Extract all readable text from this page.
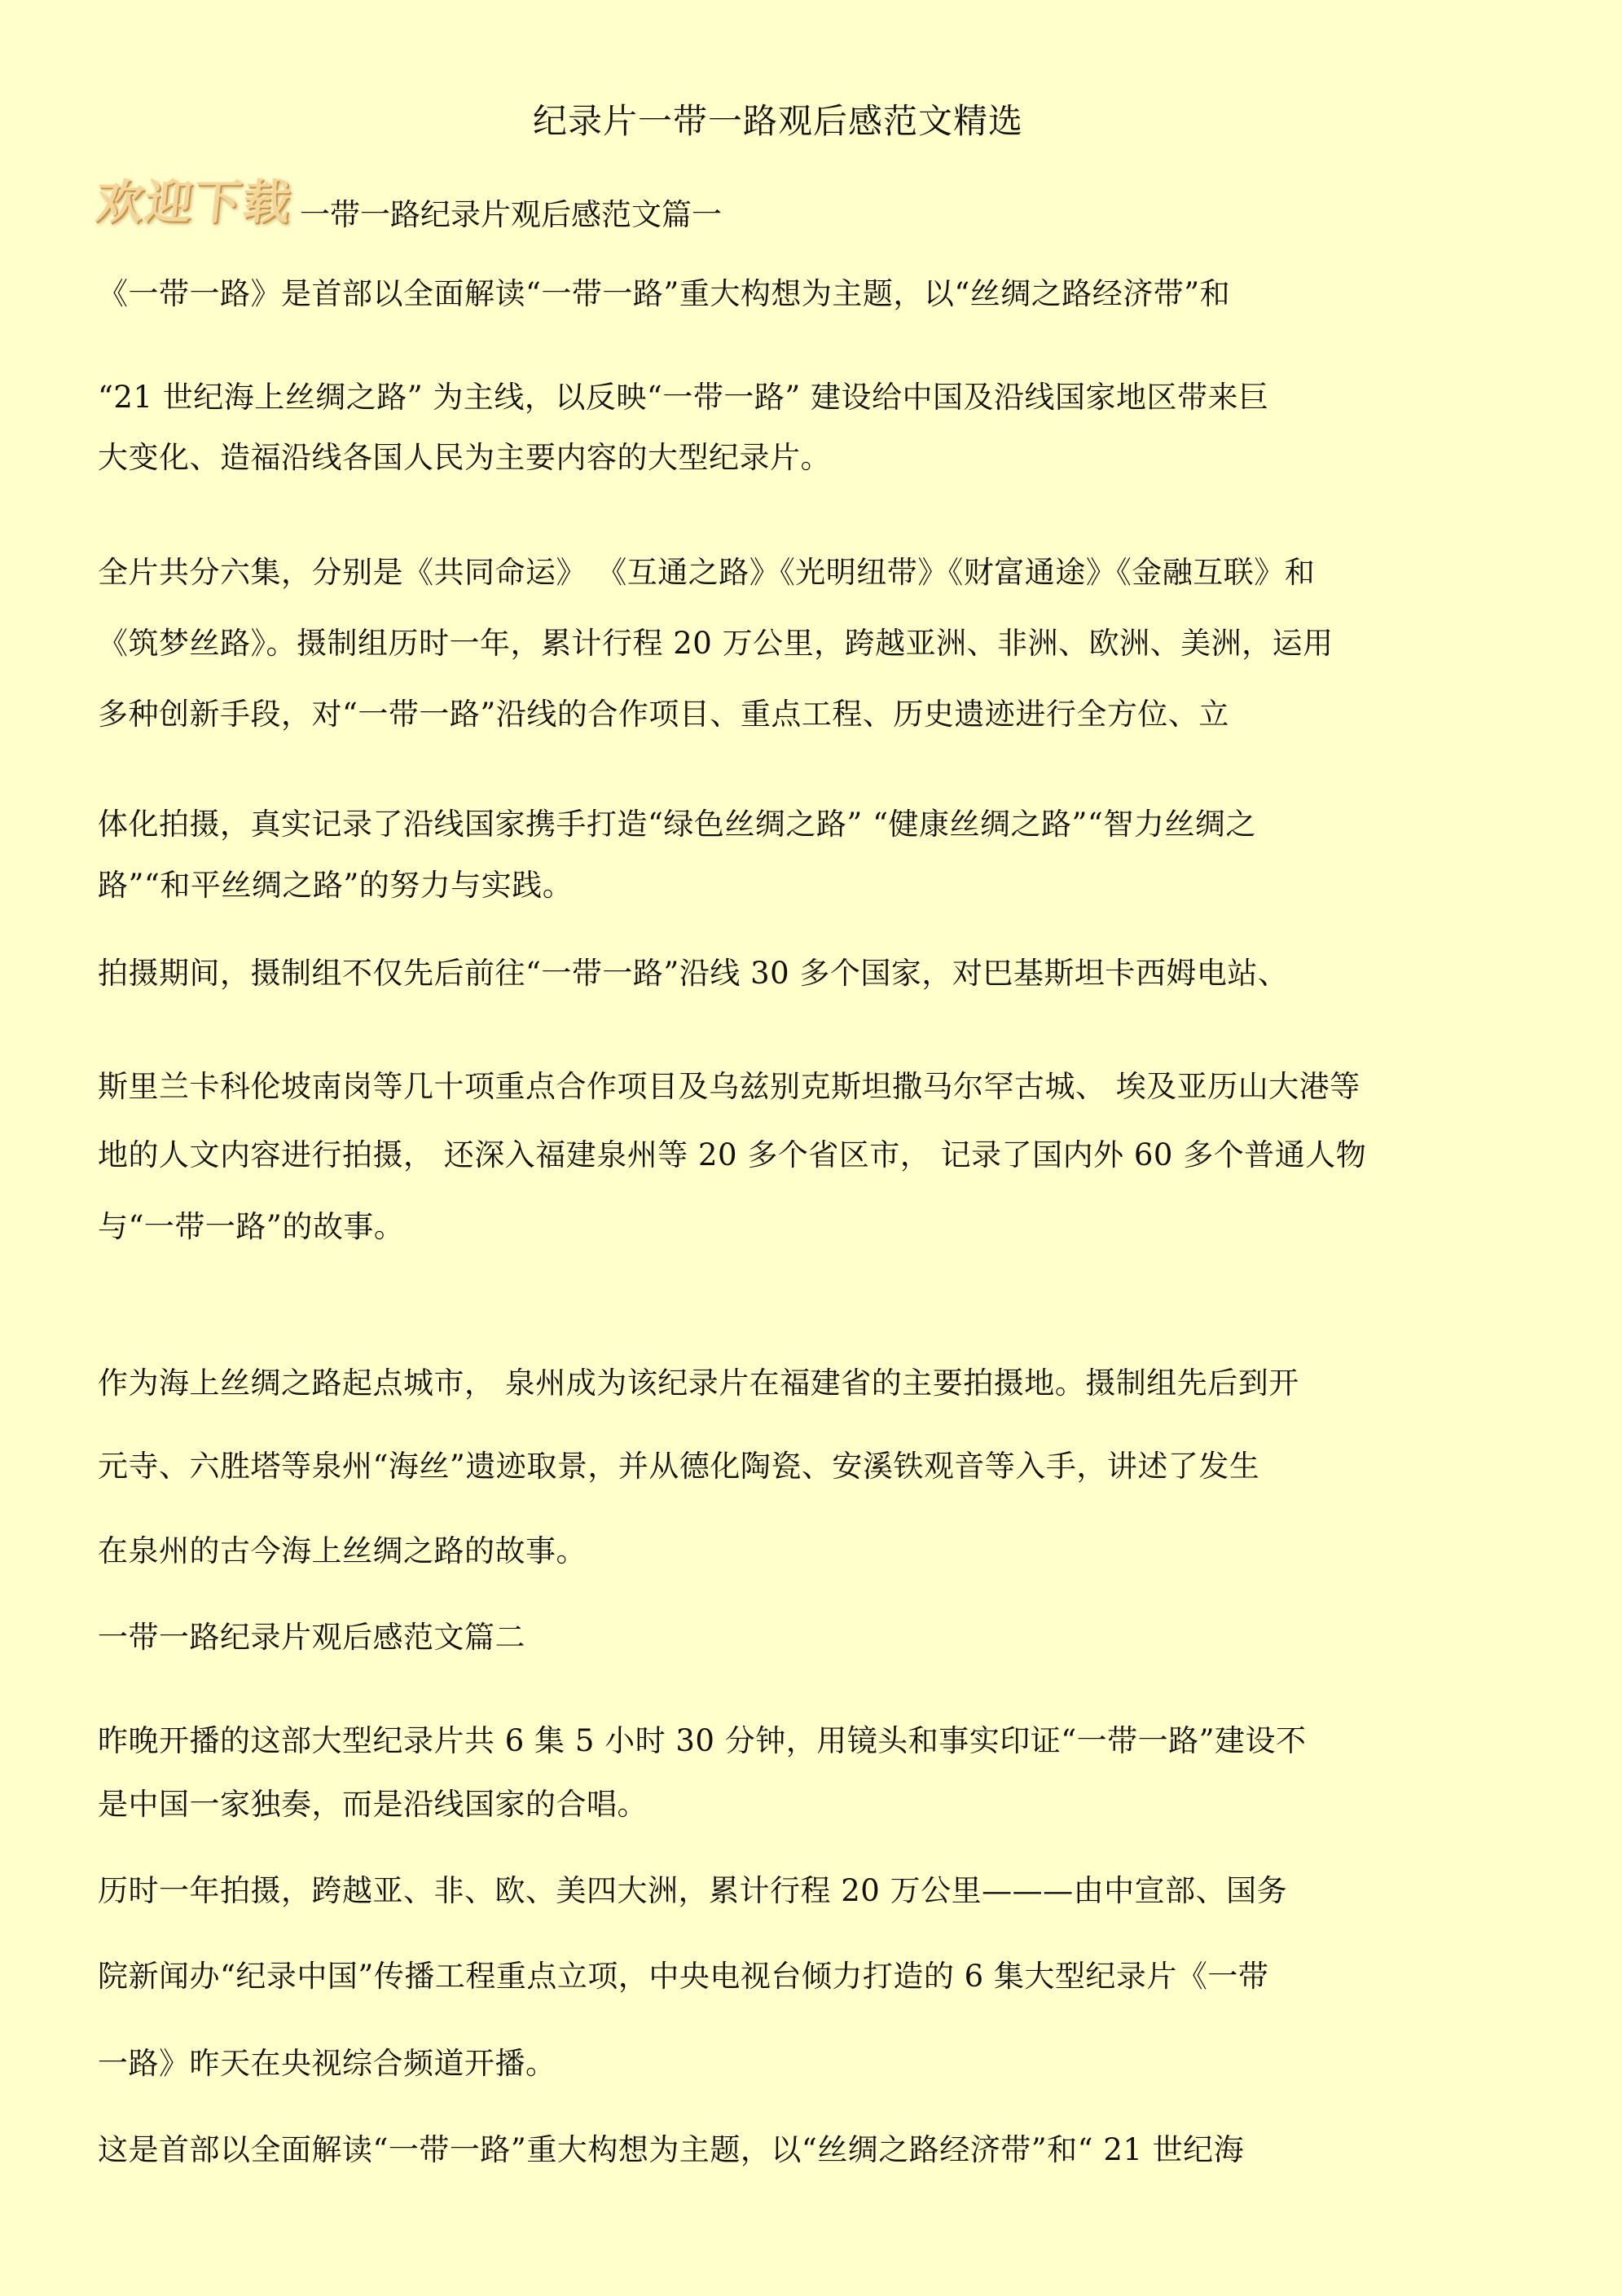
纪录片一带一路观后感范文精选
欢迎下载 一带一路纪录片观后感范文篇一
《一带一路》是首部以全面解读“一带一路”重大构想为主题，以“丝绸之路经济带”和
“21 世纪海上丝绸之路” 为主线，以反映“一带一路” 建设给中国及沿线国家地区带来巨
大变化、造福沿线各国人民为主要内容的大型纪录片。
全片共分六集，分别是《共同命运》 《互通之路》《光明纽带》《财富通途》《金融互联》和
《筑梦丝路》。摄制组历时一年，累计行程 20 万公里，跨越亚洲、非洲、欧洲、美洲，运用
多种创新手段，对“一带一路”沿线的合作项目、重点工程、历史遗迹进行全方位、立
体化拍摄，真实记录了沿线国家携手打造“绿色丝绸之路” “健康丝绸之路”“智力丝绸之
路”“和平丝绸之路”的努力与实践。
拍摄期间，摄制组不仅先后前往“一带一路”沿线 30 多个国家，对巴基斯坦卡西姆电站、
斯里兰卡科伦坡南岗等几十项重点合作项目及乌兹别克斯坦撒马尔罕古城、 埃及亚历山大港等
地的人文内容进行拍摄， 还深入福建泉州等 20 多个省区市， 记录了国内外 60 多个普通人物
与“一带一路”的故事。
作为海上丝绸之路起点城市， 泉州成为该纪录片在福建省的主要拍摄地。摄制组先后到开
元寺、六胜塔等泉州“海丝”遗迹取景，并从德化陶瓷、安溪铁观音等入手，讲述了发生
在泉州的古今海上丝绸之路的故事。
一带一路纪录片观后感范文篇二
昨晚开播的这部大型纪录片共 6 集 5 小时 30 分钟，用镜头和事实印证“一带一路”建设不
是中国一家独奏，而是沿线国家的合唱。
历时一年拍摄，跨越亚、非、欧、美四大洲，累计行程 20 万公里———由中宣部、国务
院新闻办“纪录中国”传播工程重点立项，中央电视台倾力打造的 6 集大型纪录片《一带
一路》昨天在央视综合频道开播。
这是首部以全面解读“一带一路”重大构想为主题，以“丝绸之路经济带”和“ 21 世纪海
